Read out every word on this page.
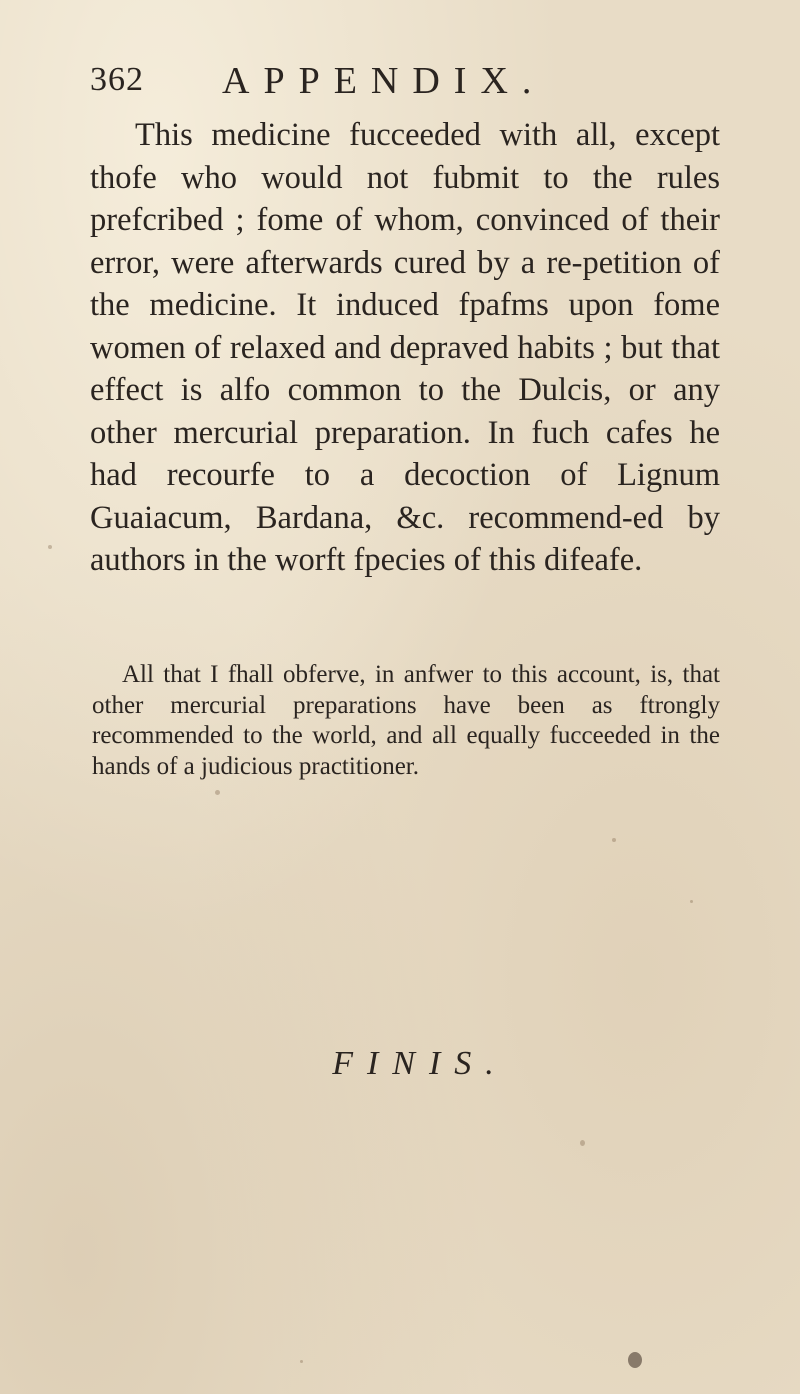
362 APPENDIX.

This medicine fucceeded with all, except thofe who would not fubmit to the rules prefcribed ; fome of whom, convinced of their error, were afterwards cured by a re-petition of the medicine. It induced fpafms upon fome women of relaxed and depraved habits ; but that effect is alfo common to the Dulcis, or any other mercurial preparation. In fuch cafes he had recourfe to a decoction of Lignum Guaiacum, Bardana, &c. recommend-ed by authors in the worft fpecies of this difeafe.

All that I fhall obferve, in anfwer to this account, is, that other mercurial preparations have been as ftrongly recommended to the world, and all equally fucceeded in the hands of a judicious practitioner.

FINIS.
